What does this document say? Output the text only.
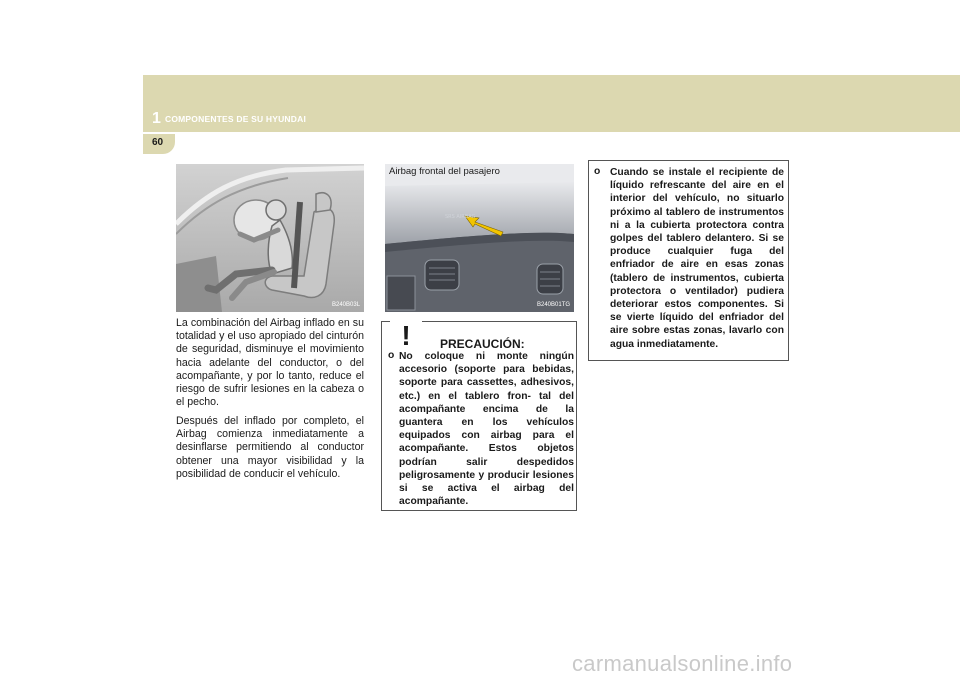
1 COMPONENTES DE SU HYUNDAI
60
B240B03L
La combinación del Airbag inflado en su totalidad y el uso apropiado del cinturón de seguridad, disminuye el movimiento hacia adelante del conductor, o del acompañante, y por lo tanto, reduce el riesgo de sufrir lesiones en la cabeza o el pecho.
Después del inflado por completo, el Airbag comienza inmediatamente a desinflarse permitiendo al conductor obtener una mayor visibilidad y la posibilidad de conducir el vehículo.
SRS AIRBAG
B240B01TG
Airbag frontal del pasajero
! PRECAUCIÓN:
o No coloque ni monte ningún accesorio (soporte para bebidas, soporte para cassettes, adhesivos, etc.) en el tablero fron- tal del acompañante encima de la guantera en los vehículos equipados con airbag para el acompañante. Estos objetos podrían salir despedidos peligrosamente y producir lesiones si se activa el airbag del acompañante.
o Cuando se instale el recipiente de líquido refrescante del aire en el interior del vehículo, no situarlo próximo al tablero de instrumentos ni a la cubierta protectora contra golpes del tablero delantero. Si se produce cualquier fuga del enfriador de aire en esas zonas (tablero de instrumentos, cubierta protectora o ventilador) pudiera deteriorar estos componentes. Si se vierte líquido del enfriador del aire sobre estas zonas, lavarlo con agua inmediatamente.
carmanualsonline.info
